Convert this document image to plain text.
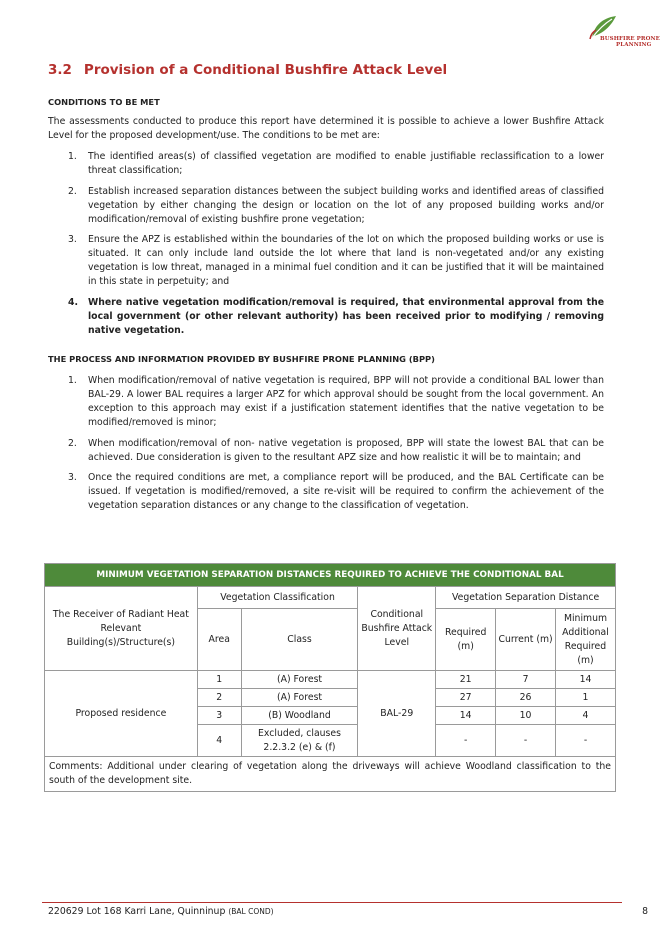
BUSHFIRE PRONE
PLANNING
3.2 Provision of a Conditional Bushfire Attack Level
CONDITIONS TO BE MET

The assessments conducted to produce this report have determined it is possible to achieve a lower Bushfire Attack Level for the proposed development/use. The conditions to be met are:

1. The identified areas(s) of classified vegetation are modified to enable justifiable reclassification to a lower threat classification;
2. Establish increased separation distances between the subject building works and identified areas of classified vegetation by either changing the design or location on the lot of any proposed building works and/or modification/removal of existing bushfire prone vegetation;
3. Ensure the APZ is established within the boundaries of the lot on which the proposed building works or use is situated. It can only include land outside the lot where that land is non-vegetated and/or any existing vegetation is low threat, managed in a minimal fuel condition and it can be justified that it will be maintained in this state in perpetuity; and
4. Where native vegetation modification/removal is required, that environmental approval from the local government (or other relevant authority) has been received prior to modifying / removing native vegetation.
THE PROCESS AND INFORMATION PROVIDED BY BUSHFIRE PRONE PLANNING (BPP)
1. When modification/removal of native vegetation is required, BPP will not provide a conditional BAL lower than BAL-29. A lower BAL requires a larger APZ for which approval should be sought from the local government. An exception to this approach may exist if a justification statement identifies that the native vegetation to be modified/removed is minor;
2. When modification/removal of non- native vegetation is proposed, BPP will state the lowest BAL that can be achieved. Due consideration is given to the resultant APZ size and how realistic it will be to maintain; and
3. Once the required conditions are met, a compliance report will be produced, and the BAL Certificate can be issued. If vegetation is modified/removed, a site re-visit will be required to confirm the achievement of the vegetation separation distances or any change to the classification of vegetation.
MINIMUM VEGETATION SEPARATION DISTANCES REQUIRED TO ACHIEVE THE CONDITIONAL BAL						
The Receiver of Radiant Heat Relevant Building(s)/Structure(s)	Vegetation Classification		Conditional Bushfire Attack Level	Vegetation Separation Distance		
	Area	Class		Required (m)	Current (m)	Minimum Additional Required (m)
Proposed residence	1	(A) Forest	BAL-29	21	7	14
	2	(A) Forest		27	26	1
	3	(B) Woodland		14	10	4
	4	Excluded, clauses 2.2.3.2 (e) & (f)		-	-	-
Comments: Additional under clearing of vegetation along the driveways will achieve Woodland classification to the south of the development site.						
220629 Lot 168 Karri Lane, Quinninup (BAL COND)	8
